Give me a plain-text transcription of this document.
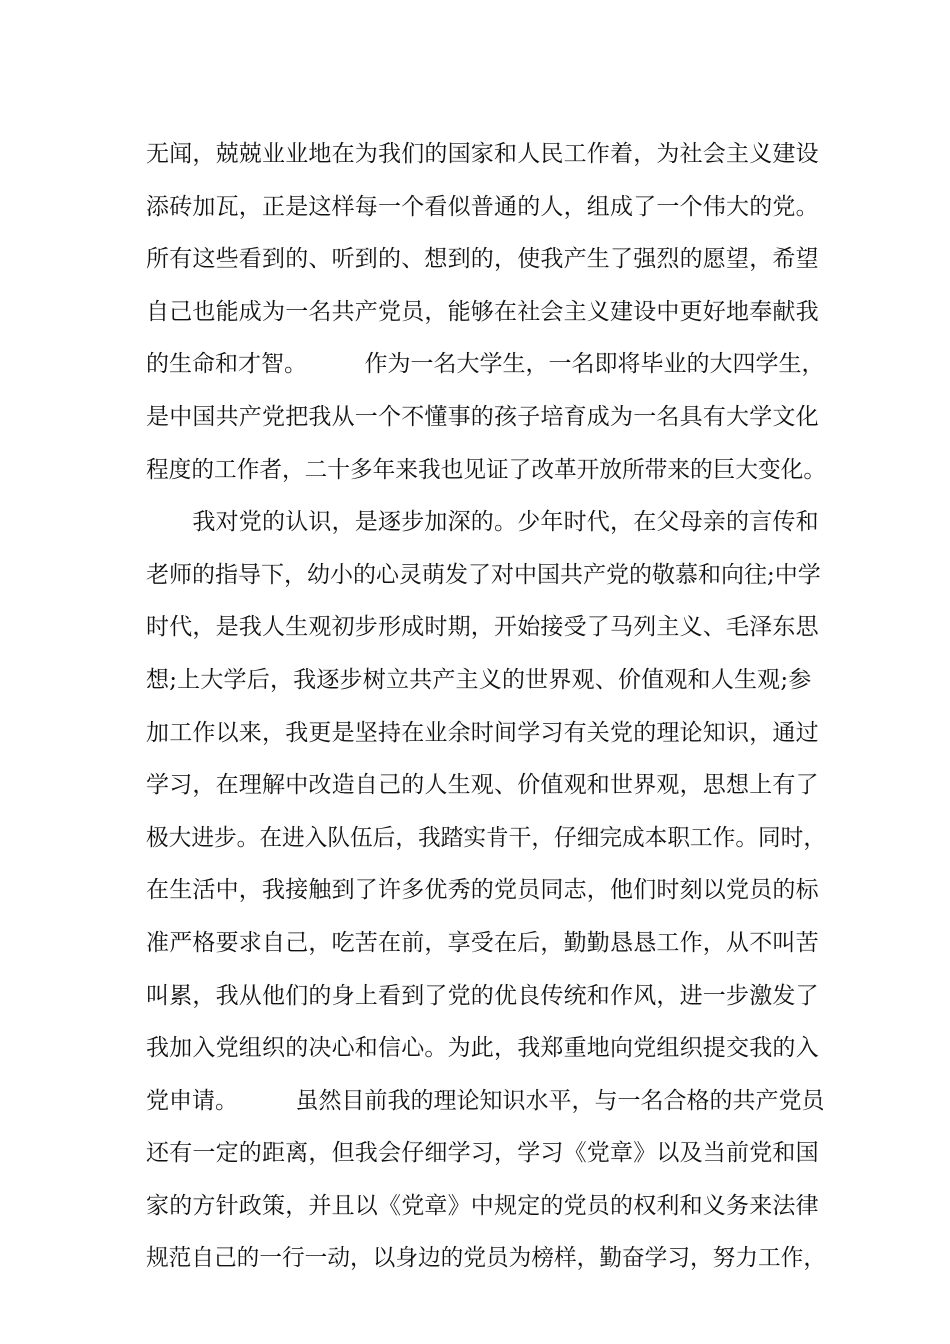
无闻，兢兢业业地在为我们的国家和人民工作着，为社会主义建设
添砖加瓦，正是这样每一个看似普通的人，组成了一个伟大的党。
所有这些看到的、听到的、想到的，使我产生了强烈的愿望，希望
自己也能成为一名共产党员，能够在社会主义建设中更好地奉献我
的生命和才智。　　　作为一名大学生，一名即将毕业的大四学生，
是中国共产党把我从一个不懂事的孩子培育成为一名具有大学文化
程度的工作者，二十多年来我也见证了改革开放所带来的巨大变化。
　　我对党的认识，是逐步加深的。少年时代，在父母亲的言传和
老师的指导下，幼小的心灵萌发了对中国共产党的敬慕和向往;中学
时代，是我人生观初步形成时期，开始接受了马列主义、毛泽东思
想;上大学后，我逐步树立共产主义的世界观、价值观和人生观;参
加工作以来，我更是坚持在业余时间学习有关党的理论知识，通过
学习，在理解中改造自己的人生观、价值观和世界观，思想上有了
极大进步。在进入队伍后，我踏实肯干，仔细完成本职工作。同时，
在生活中，我接触到了许多优秀的党员同志，他们时刻以党员的标
准严格要求自己，吃苦在前，享受在后，勤勤恳恳工作，从不叫苦
叫累，我从他们的身上看到了党的优良传统和作风，进一步激发了
我加入党组织的决心和信心。为此，我郑重地向党组织提交我的入
党申请。　　　虽然目前我的理论知识水平，与一名合格的共产党员
还有一定的距离，但我会仔细学习，学习《党章》以及当前党和国
家的方针政策，并且以《党章》中规定的党员的权利和义务来法律
规范自己的一行一动，以身边的党员为榜样，勤奋学习，努力工作，
